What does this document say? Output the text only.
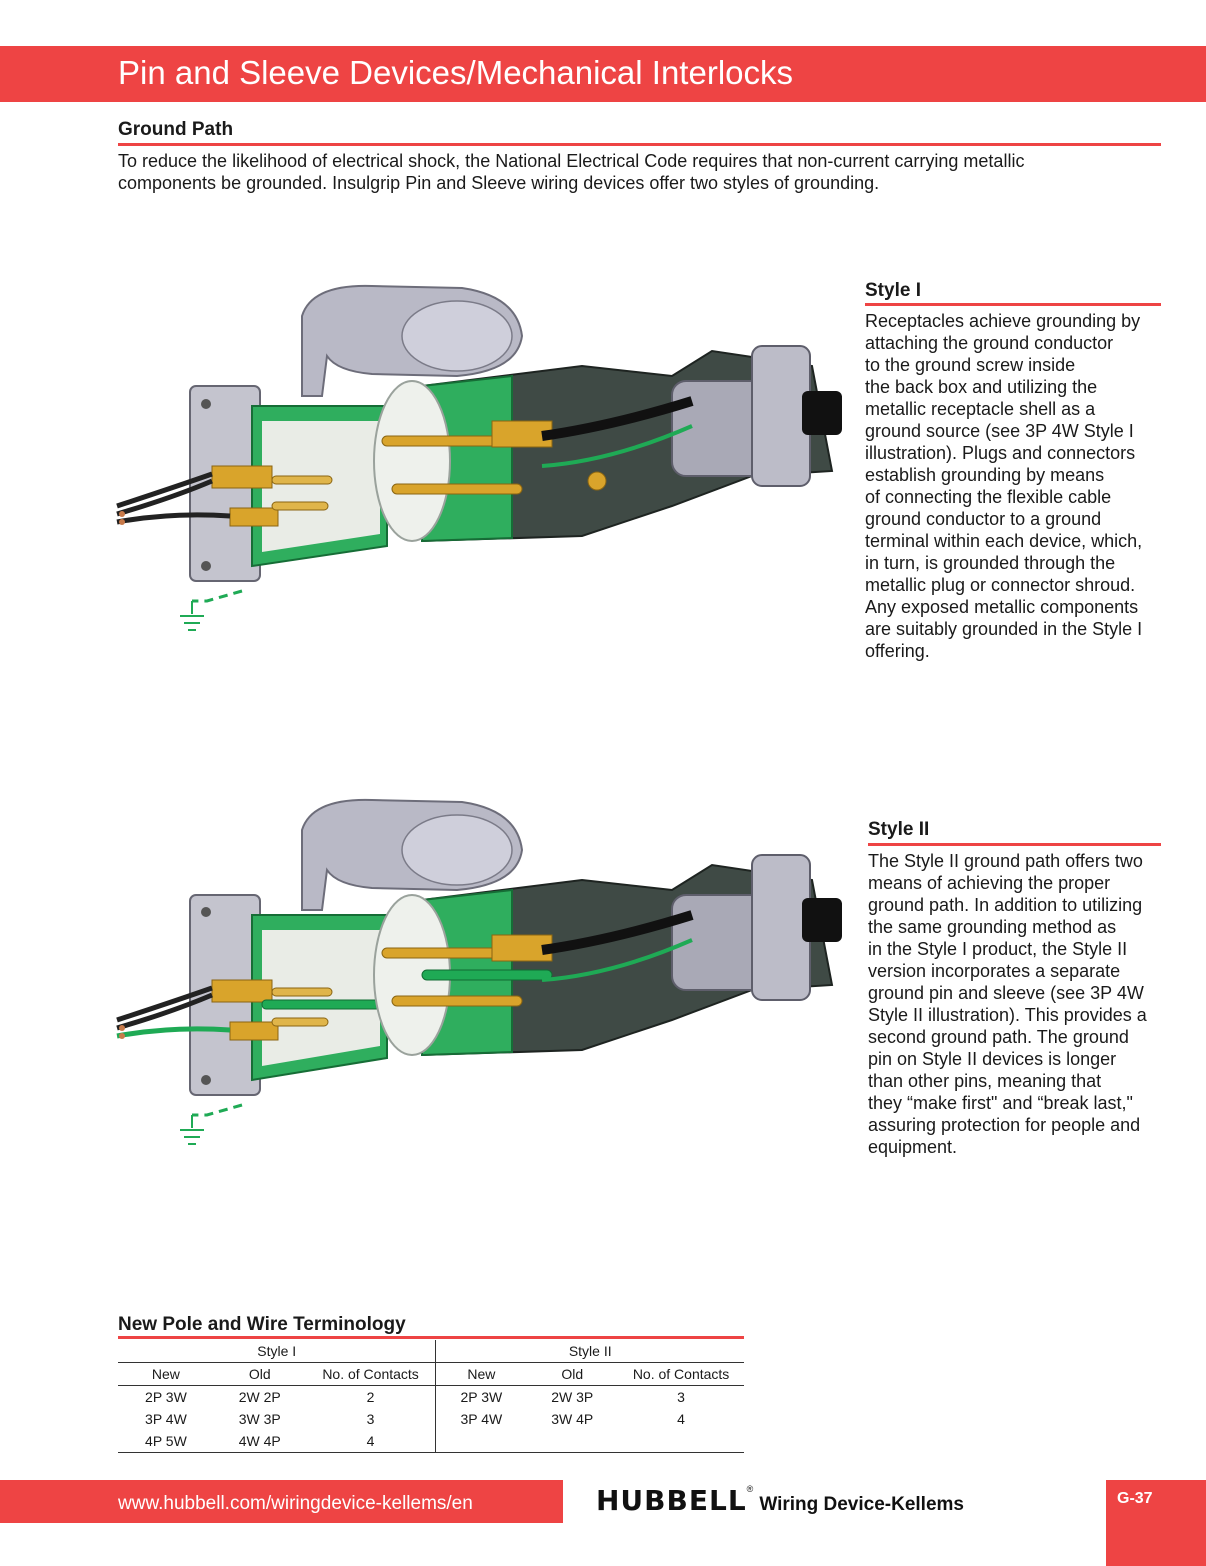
Pin and Sleeve Devices/Mechanical Interlocks
Ground Path
To reduce the likelihood of electrical shock, the National Electrical Code requires that non-current carrying metallic
components be grounded. Insulgrip Pin and Sleeve wiring devices offer two styles of grounding.
Style I
Receptacles achieve grounding by
attaching the ground conductor
to the ground screw inside
the back box and utilizing the
metallic receptacle shell as a
ground source (see 3P 4W Style I
illustration). Plugs and connectors
establish grounding by means
of connecting the flexible cable
ground conductor to a ground
terminal within each device, which,
in turn, is grounded through the
metallic plug or connector shroud.
Any exposed metallic components
are suitably grounded in the Style I
offering.
Style II
The Style II ground path offers two
means of achieving the proper
ground path. In addition to utilizing
the same grounding method as
in the Style I product, the Style II
version incorporates a separate
ground pin and sleeve (see 3P 4W
Style II illustration). This provides a
second ground path. The ground
pin on Style II devices is longer
than other pins, meaning that
they “make first" and “break last,"
assuring protection for people and
equipment.
New Pole and Wire Terminology
Style I			Style II		
New	Old	No. of Contacts	New	Old	No. of Contacts
2P 3W	2W 2P	2	2P 3W	2W 3P	3
3P 4W	3W 3P	3	3P 4W	3W 4P	4
4P 5W	4W 4P	4			
www.hubbell.com/wiringdevice-kellems/en	HUBBELL®Wiring Device-Kellems	G-37
